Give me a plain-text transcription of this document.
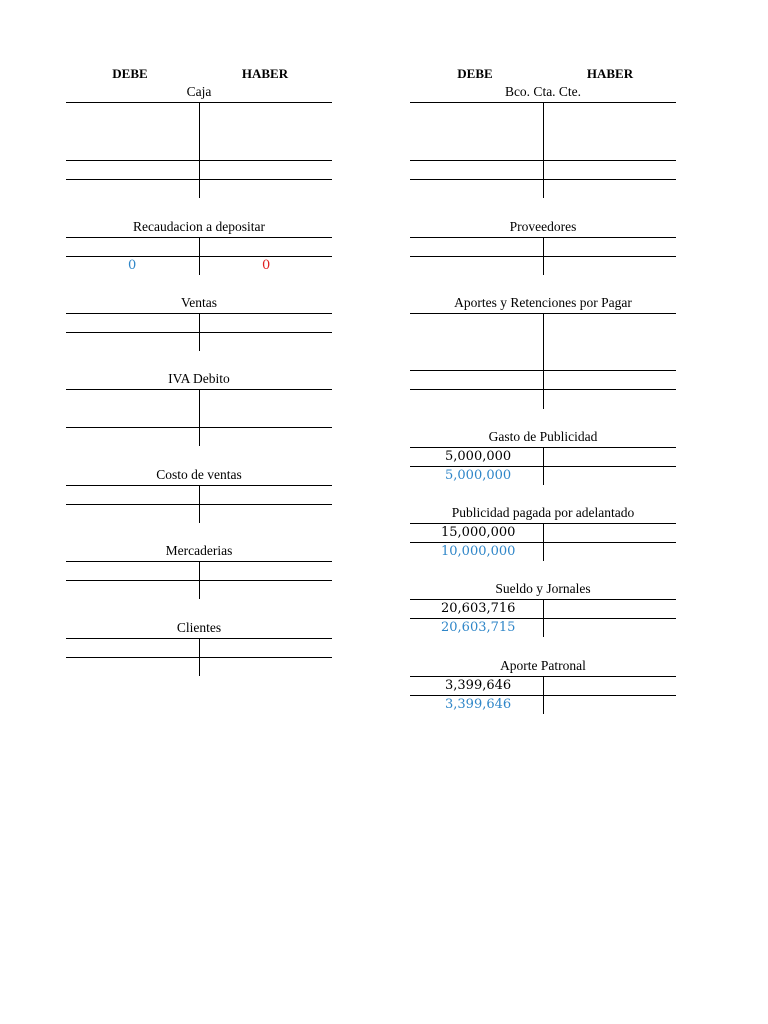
DEBE	HABER	DEBE	HABER
Caja
Recaudacion a depositar
0	0
Ventas
IVA Debito
Costo de ventas
Mercaderias
Clientes
Bco. Cta. Cte.
Proveedores
Aportes y Retenciones por Pagar
Gasto de Publicidad
5,000,000
5,000,000
Publicidad pagada por adelantado
15,000,000
10,000,000
Sueldo y Jornales
20,603,716
20,603,715
Aporte Patronal
3,399,646
3,399,646
